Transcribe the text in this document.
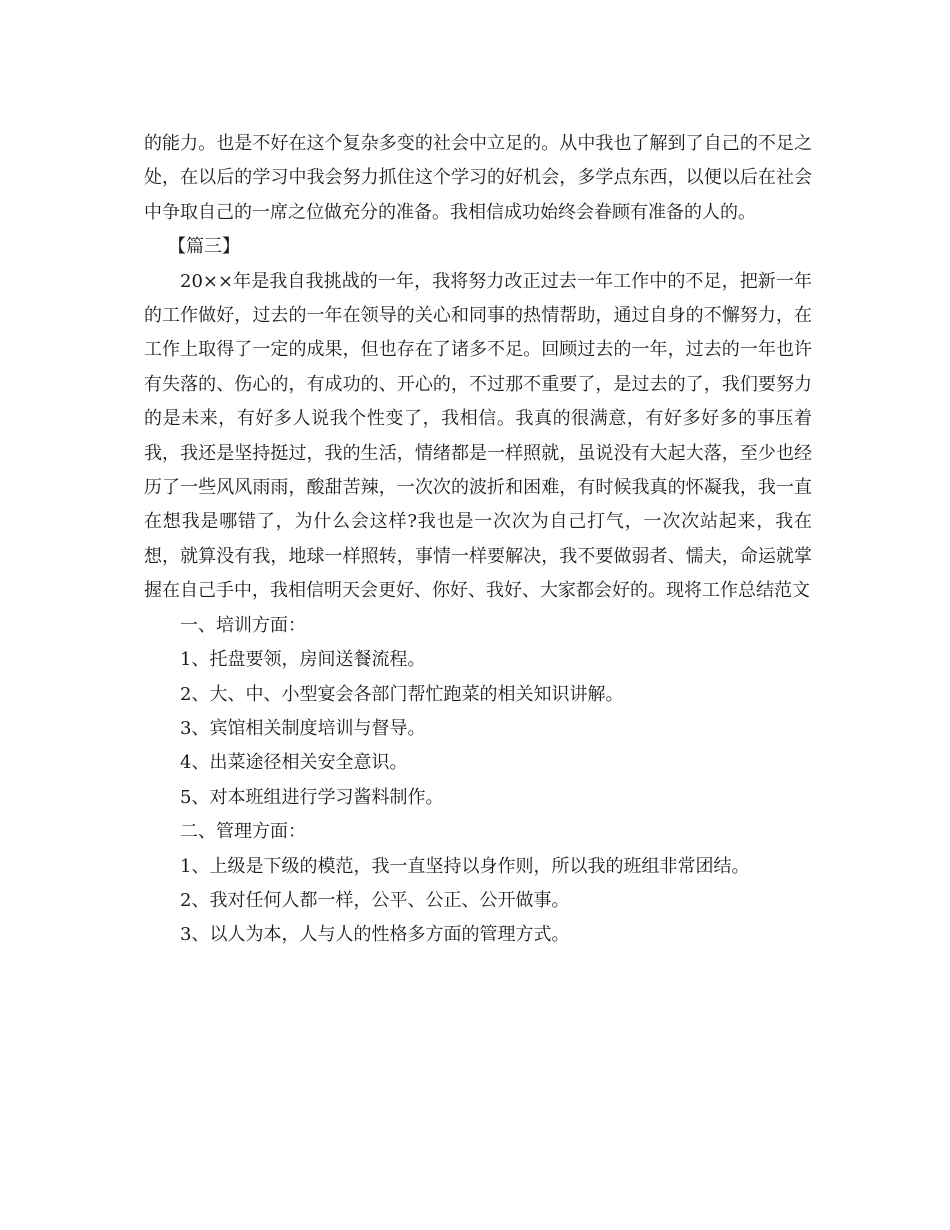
的能力。也是不好在这个复杂多变的社会中立足的。从中我也了解到了自己的不足之处，在以后的学习中我会努力抓住这个学习的好机会，多学点东西，以便以后在社会中争取自己的一席之位做充分的准备。我相信成功始终会眷顾有准备的人的。

【篇三】

20××年是我自我挑战的一年，我将努力改正过去一年工作中的不足，把新一年的工作做好，过去的一年在领导的关心和同事的热情帮助，通过自身的不懈努力，在工作上取得了一定的成果，但也存在了诸多不足。回顾过去的一年，过去的一年也许有失落的、伤心的，有成功的、开心的，不过那不重要了，是过去的了，我们要努力的是未来，有好多人说我个性变了，我相信。我真的很满意，有好多好多的事压着我，我还是坚持挺过，我的生活，情绪都是一样照就，虽说没有大起大落，至少也经历了一些风风雨雨，酸甜苦辣，一次次的波折和困难，有时候我真的怀凝我，我一直在想我是哪错了，为什么会这样?我也是一次次为自己打气，一次次站起来，我在想，就算没有我，地球一样照转，事情一样要解决，我不要做弱者、懦夫，命运就掌握在自己手中，我相信明天会更好、你好、我好、大家都会好的。现将工作总结范文

一、培训方面：

1、托盘要领，房间送餐流程。

2、大、中、小型宴会各部门帮忙跑菜的相关知识讲解。

3、宾馆相关制度培训与督导。

4、出菜途径相关安全意识。

5、对本班组进行学习酱料制作。

二、管理方面：

1、上级是下级的模范，我一直坚持以身作则，所以我的班组非常团结。

2、我对任何人都一样，公平、公正、公开做事。

3、以人为本，人与人的性格多方面的管理方式。
